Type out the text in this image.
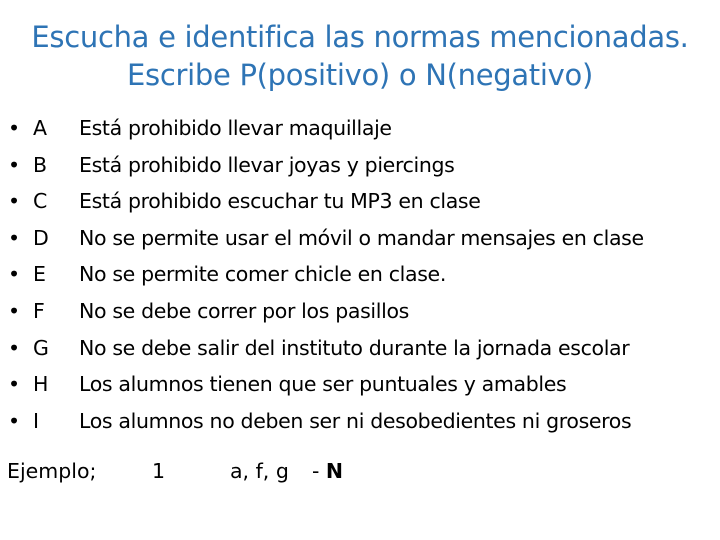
Escucha e identifica las normas mencionadas.
Escribe P(positivo) o N(negativo)
• A Está prohibido llevar maquillaje
• B Está prohibido llevar joyas y piercings
• C Está prohibido escuchar tu MP3 en clase
• D No se permite usar el móvil o mandar mensajes en clase
• E No se permite comer chicle en clase.
• F No se debe correr por los pasillos
• G No se debe salir del instituto durante la jornada escolar
• H Los alumnos tienen que ser puntuales y amables
• I Los alumnos no deben ser ni desobedientes ni groseros
Ejemplo;	1	a, f, g - N
